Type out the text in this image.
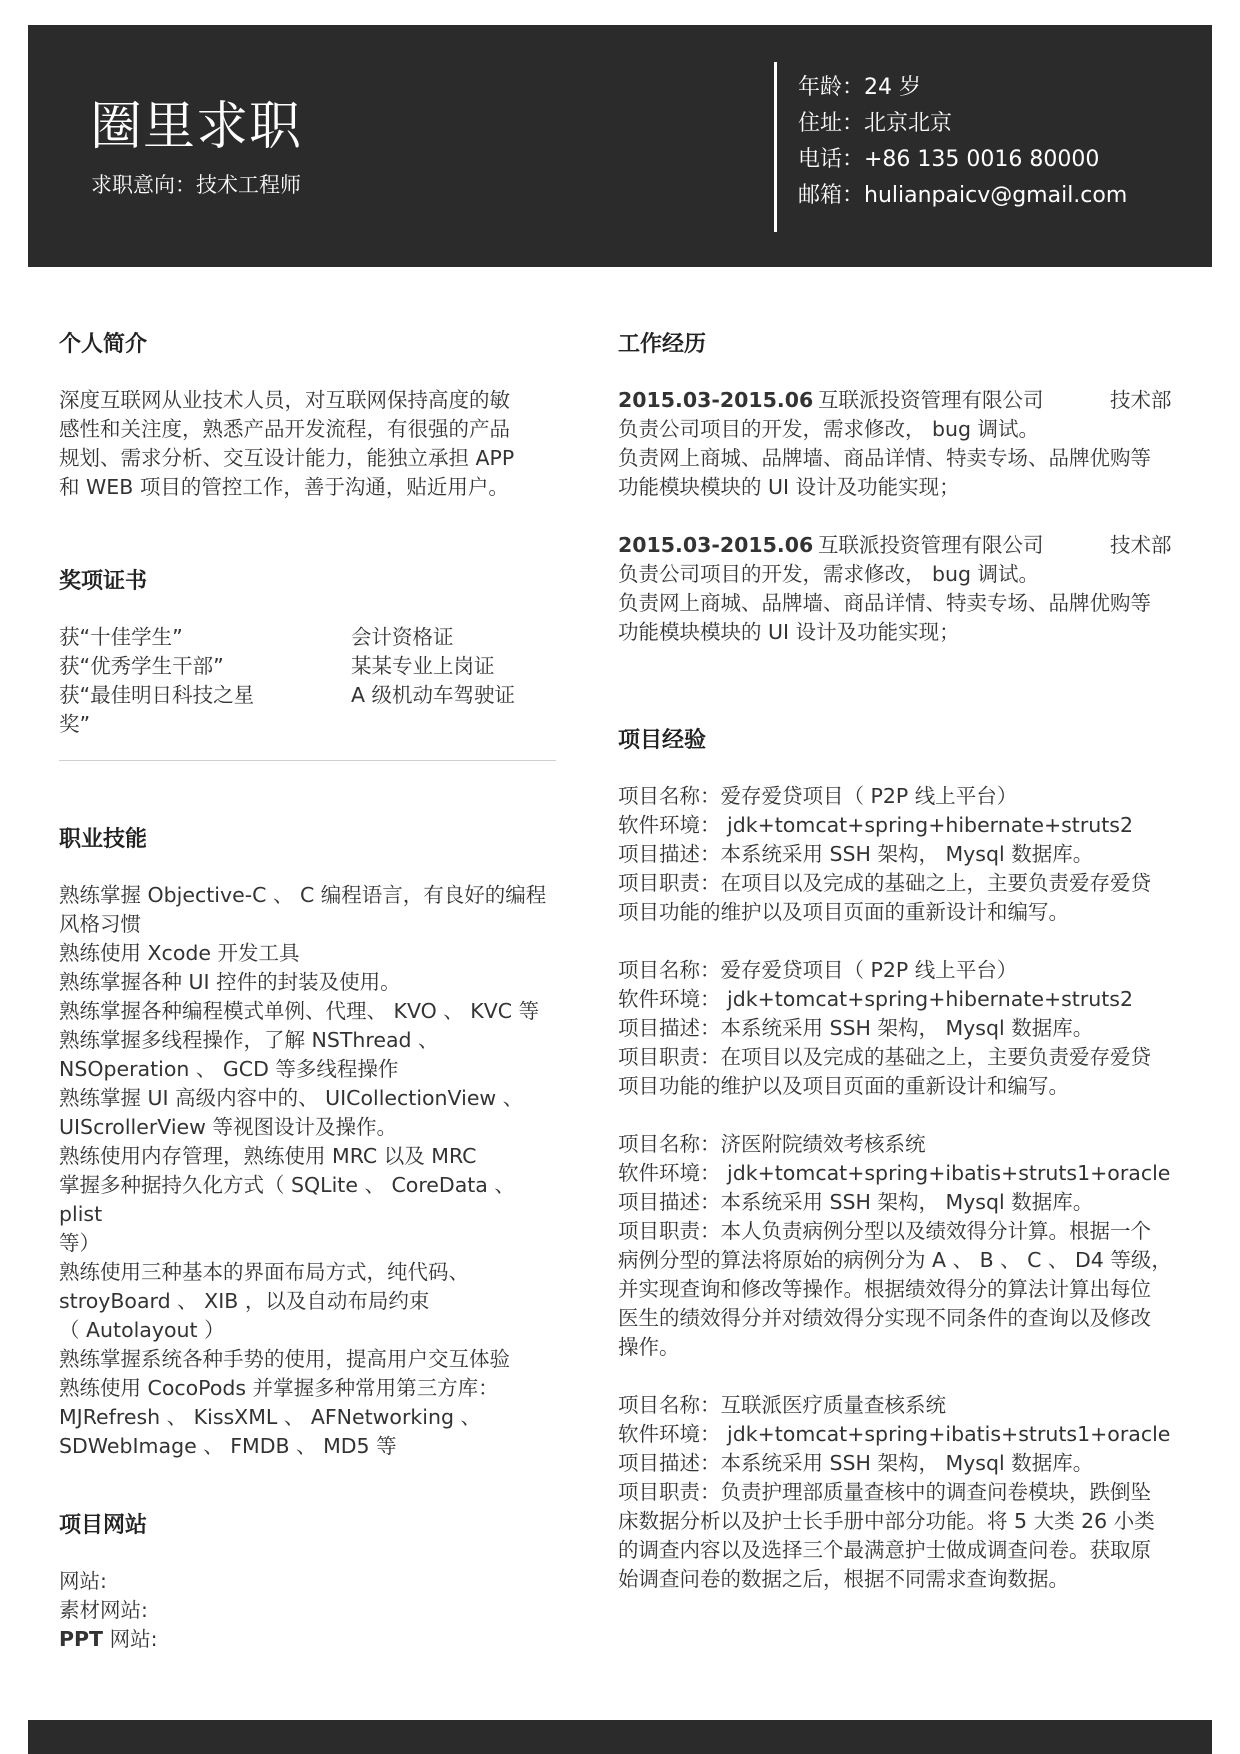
圈里求职
求职意向：技术工程师
年龄：24 岁
住址：北京北京
电话：+86 135 0016 80000
邮箱：hulianpaicv@gmail.com
个人简介
深度互联网从业技术人员，对互联网保持高度的敏
感性和关注度，熟悉产品开发流程，有很强的产品
规划、需求分析、交互设计能力，能独立承担 APP
和 WEB 项目的管控工作，善于沟通，贴近用户。
奖项证书
获“十佳学生”
获“优秀学生干部”
获“最佳明日科技之星
奖”
会计资格证
某某专业上岗证
A 级机动车驾驶证
职业技能
熟练掌握 Objective-C 、 C 编程语言，有良好的编程
风格习惯
熟练使用 Xcode 开发工具
熟练掌握各种 UI 控件的封装及使用。
熟练掌握各种编程模式单例、代理、 KVO 、 KVC 等
熟练掌握多线程操作，了解 NSThread 、
NSOperation 、 GCD 等多线程操作
熟练掌握 UI 高级内容中的、 UICollectionView 、
UIScrollerView 等视图设计及操作。
熟练使用内存管理，熟练使用 MRC 以及 MRC
掌握多种据持久化方式（ SQLite 、 CoreData 、 plist
等）
熟练使用三种基本的界面布局方式，纯代码、
stroyBoard 、 XIB ，以及自动布局约束
（ Autolayout ）
熟练掌握系统各种手势的使用，提高用户交互体验
熟练使用 CocoPods 并掌握多种常用第三方库：
MJRefresh 、 KissXML 、 AFNetworking 、
SDWebImage 、 FMDB 、 MD5 等
项目网站
网站:
素材网站:
PPT 网站:
工作经历
2015.03-2015.06 互联派投资管理有限公司	技术部
负责公司项目的开发，需求修改， bug 调试。
负责网上商城、品牌墙、商品详情、特卖专场、品牌优购等
功能模块模块的 UI 设计及功能实现；
2015.03-2015.06 互联派投资管理有限公司	技术部
负责公司项目的开发，需求修改， bug 调试。
负责网上商城、品牌墙、商品详情、特卖专场、品牌优购等
功能模块模块的 UI 设计及功能实现；
项目经验
项目名称：爱存爱贷项目（ P2P 线上平台）
软件环境： jdk+tomcat+spring+hibernate+struts2
项目描述：本系统采用 SSH 架构， Mysql 数据库。
项目职责：在项目以及完成的基础之上，主要负责爱存爱贷
项目功能的维护以及项目页面的重新设计和编写。
项目名称：爱存爱贷项目（ P2P 线上平台）
软件环境： jdk+tomcat+spring+hibernate+struts2
项目描述：本系统采用 SSH 架构， Mysql 数据库。
项目职责：在项目以及完成的基础之上，主要负责爱存爱贷
项目功能的维护以及项目页面的重新设计和编写。
项目名称：济医附院绩效考核系统
软件环境： jdk+tomcat+spring+ibatis+struts1+oracle
项目描述：本系统采用 SSH 架构， Mysql 数据库。
项目职责：本人负责病例分型以及绩效得分计算。根据一个
病例分型的算法将原始的病例分为 A 、 B 、 C 、 D4 等级，
并实现查询和修改等操作。根据绩效得分的算法计算出每位
医生的绩效得分并对绩效得分实现不同条件的查询以及修改
操作。
项目名称：互联派医疗质量查核系统
软件环境： jdk+tomcat+spring+ibatis+struts1+oracle
项目描述：本系统采用 SSH 架构， Mysql 数据库。
项目职责：负责护理部质量查核中的调查问卷模块，跌倒坠
床数据分析以及护士长手册中部分功能。将 5 大类 26 小类
的调查内容以及选择三个最满意护士做成调查问卷。获取原
始调查问卷的数据之后，根据不同需求查询数据。
